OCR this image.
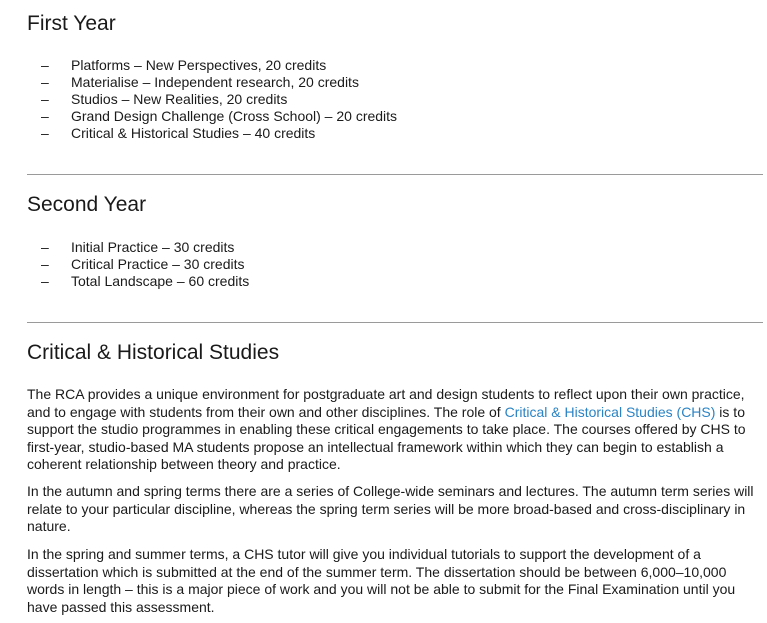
First Year
– Platforms – New Perspectives, 20 credits
– Materialise – Independent research, 20 credits
– Studios – New Realities, 20 credits
– Grand Design Challenge (Cross School) – 20 credits
– Critical & Historical Studies – 40 credits
Second Year
– Initial Practice – 30 credits
– Critical Practice – 30 credits
– Total Landscape – 60 credits
Critical & Historical Studies

The RCA provides a unique environment for postgraduate art and design students to reflect upon their own practice, and to engage with students from their own and other disciplines. The role of Critical & Historical Studies (CHS) is to support the studio programmes in enabling these critical engagements to take place. The courses offered by CHS to first-year, studio-based MA students propose an intellectual framework within which they can begin to establish a coherent relationship between theory and practice.

In the autumn and spring terms there are a series of College-wide seminars and lectures. The autumn term series will relate to your particular discipline, whereas the spring term series will be more broad-based and cross-disciplinary in nature.

In the spring and summer terms, a CHS tutor will give you individual tutorials to support the development of a dissertation which is submitted at the end of the summer term. The dissertation should be between 6,000–10,000 words in length – this is a major piece of work and you will not be able to submit for the Final Examination until you have passed this assessment.
